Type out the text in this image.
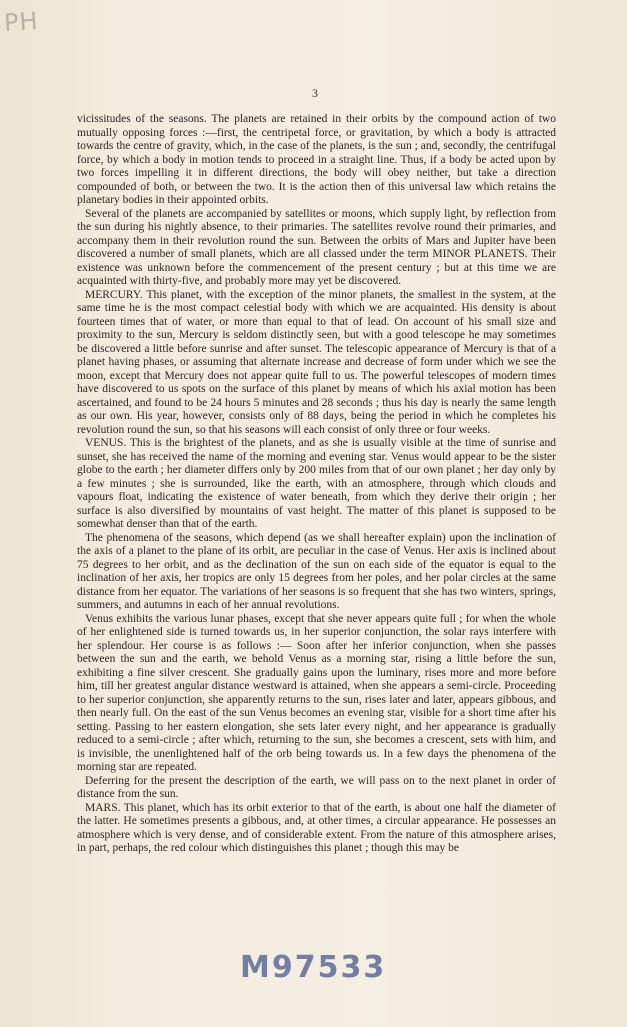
PH
3

vicissitudes of the seasons. The planets are retained in their orbits by the compound action of two mutually opposing forces :—first, the centripetal force, or gravitation, by which a body is attracted towards the centre of gravity, which, in the case of the planets, is the sun ; and, secondly, the centrifugal force, by which a body in motion tends to proceed in a straight line. Thus, if a body be acted upon by two forces impelling it in different directions, the body will obey neither, but take a direction compounded of both, or between the two. It is the action then of this universal law which retains the planetary bodies in their appointed orbits.

Several of the planets are accompanied by satellites or moons, which supply light, by reflection from the sun during his nightly absence, to their primaries. The satellites revolve round their primaries, and accompany them in their revolution round the sun. Between the orbits of Mars and Jupiter have been discovered a number of small planets, which are all classed under the term MINOR PLANETS. Their existence was unknown before the commencement of the present century ; but at this time we are acquainted with thirty-five, and probably more may yet be discovered.

MERCURY. This planet, with the exception of the minor planets, the smallest in the system, at the same time he is the most compact celestial body with which we are acquainted. His density is about fourteen times that of water, or more than equal to that of lead. On account of his small size and proximity to the sun, Mercury is seldom distinctly seen, but with a good telescope he may sometimes be discovered a little before sunrise and after sunset. The telescopic appearance of Mercury is that of a planet having phases, or assuming that alternate increase and decrease of form under which we see the moon, except that Mercury does not appear quite full to us. The powerful telescopes of modern times have discovered to us spots on the surface of this planet by means of which his axial motion has been ascertained, and found to be 24 hours 5 minutes and 28 seconds ; thus his day is nearly the same length as our own. His year, however, consists only of 88 days, being the period in which he completes his revolution round the sun, so that his seasons will each consist of only three or four weeks.

VENUS. This is the brightest of the planets, and as she is usually visible at the time of sunrise and sunset, she has received the name of the morning and evening star. Venus would appear to be the sister globe to the earth ; her diameter differs only by 200 miles from that of our own planet ; her day only by a few minutes ; she is surrounded, like the earth, with an atmosphere, through which clouds and vapours float, indicating the existence of water beneath, from which they derive their origin ; her surface is also diversified by mountains of vast height. The matter of this planet is supposed to be somewhat denser than that of the earth.

The phenomena of the seasons, which depend (as we shall hereafter explain) upon the inclination of the axis of a planet to the plane of its orbit, are peculiar in the case of Venus. Her axis is inclined about 75 degrees to her orbit, and as the declination of the sun on each side of the equator is equal to the inclination of her axis, her tropics are only 15 degrees from her poles, and her polar circles at the same distance from her equator. The variations of her seasons is so frequent that she has two winters, springs, summers, and autumns in each of her annual revolutions.

Venus exhibits the various lunar phases, except that she never appears quite full ; for when the whole of her enlightened side is turned towards us, in her superior conjunction, the solar rays interfere with her splendour. Her course is as follows :— Soon after her inferior conjunction, when she passes between the sun and the earth, we behold Venus as a morning star, rising a little before the sun, exhibiting a fine silver crescent. She gradually gains upon the luminary, rises more and more before him, till her greatest angular distance westward is attained, when she appears a semi-circle. Proceeding to her superior conjunction, she apparently returns to the sun, rises later and later, appears gibbous, and then nearly full. On the east of the sun Venus becomes an evening star, visible for a short time after his setting. Passing to her eastern elongation, she sets later every night, and her appearance is gradually reduced to a semi-circle ; after which, returning to the sun, she becomes a crescent, sets with him, and is invisible, the unenlightened half of the orb being towards us. In a few days the phenomena of the morning star are repeated.

Deferring for the present the description of the earth, we will pass on to the next planet in order of distance from the sun.

MARS. This planet, which has its orbit exterior to that of the earth, is about one half the diameter of the latter. He sometimes presents a gibbous, and, at other times, a circular appearance. He possesses an atmosphere which is very dense, and of considerable extent. From the nature of this atmosphere arises, in part, perhaps, the red colour which distinguishes this planet ; though this may be

M97533
